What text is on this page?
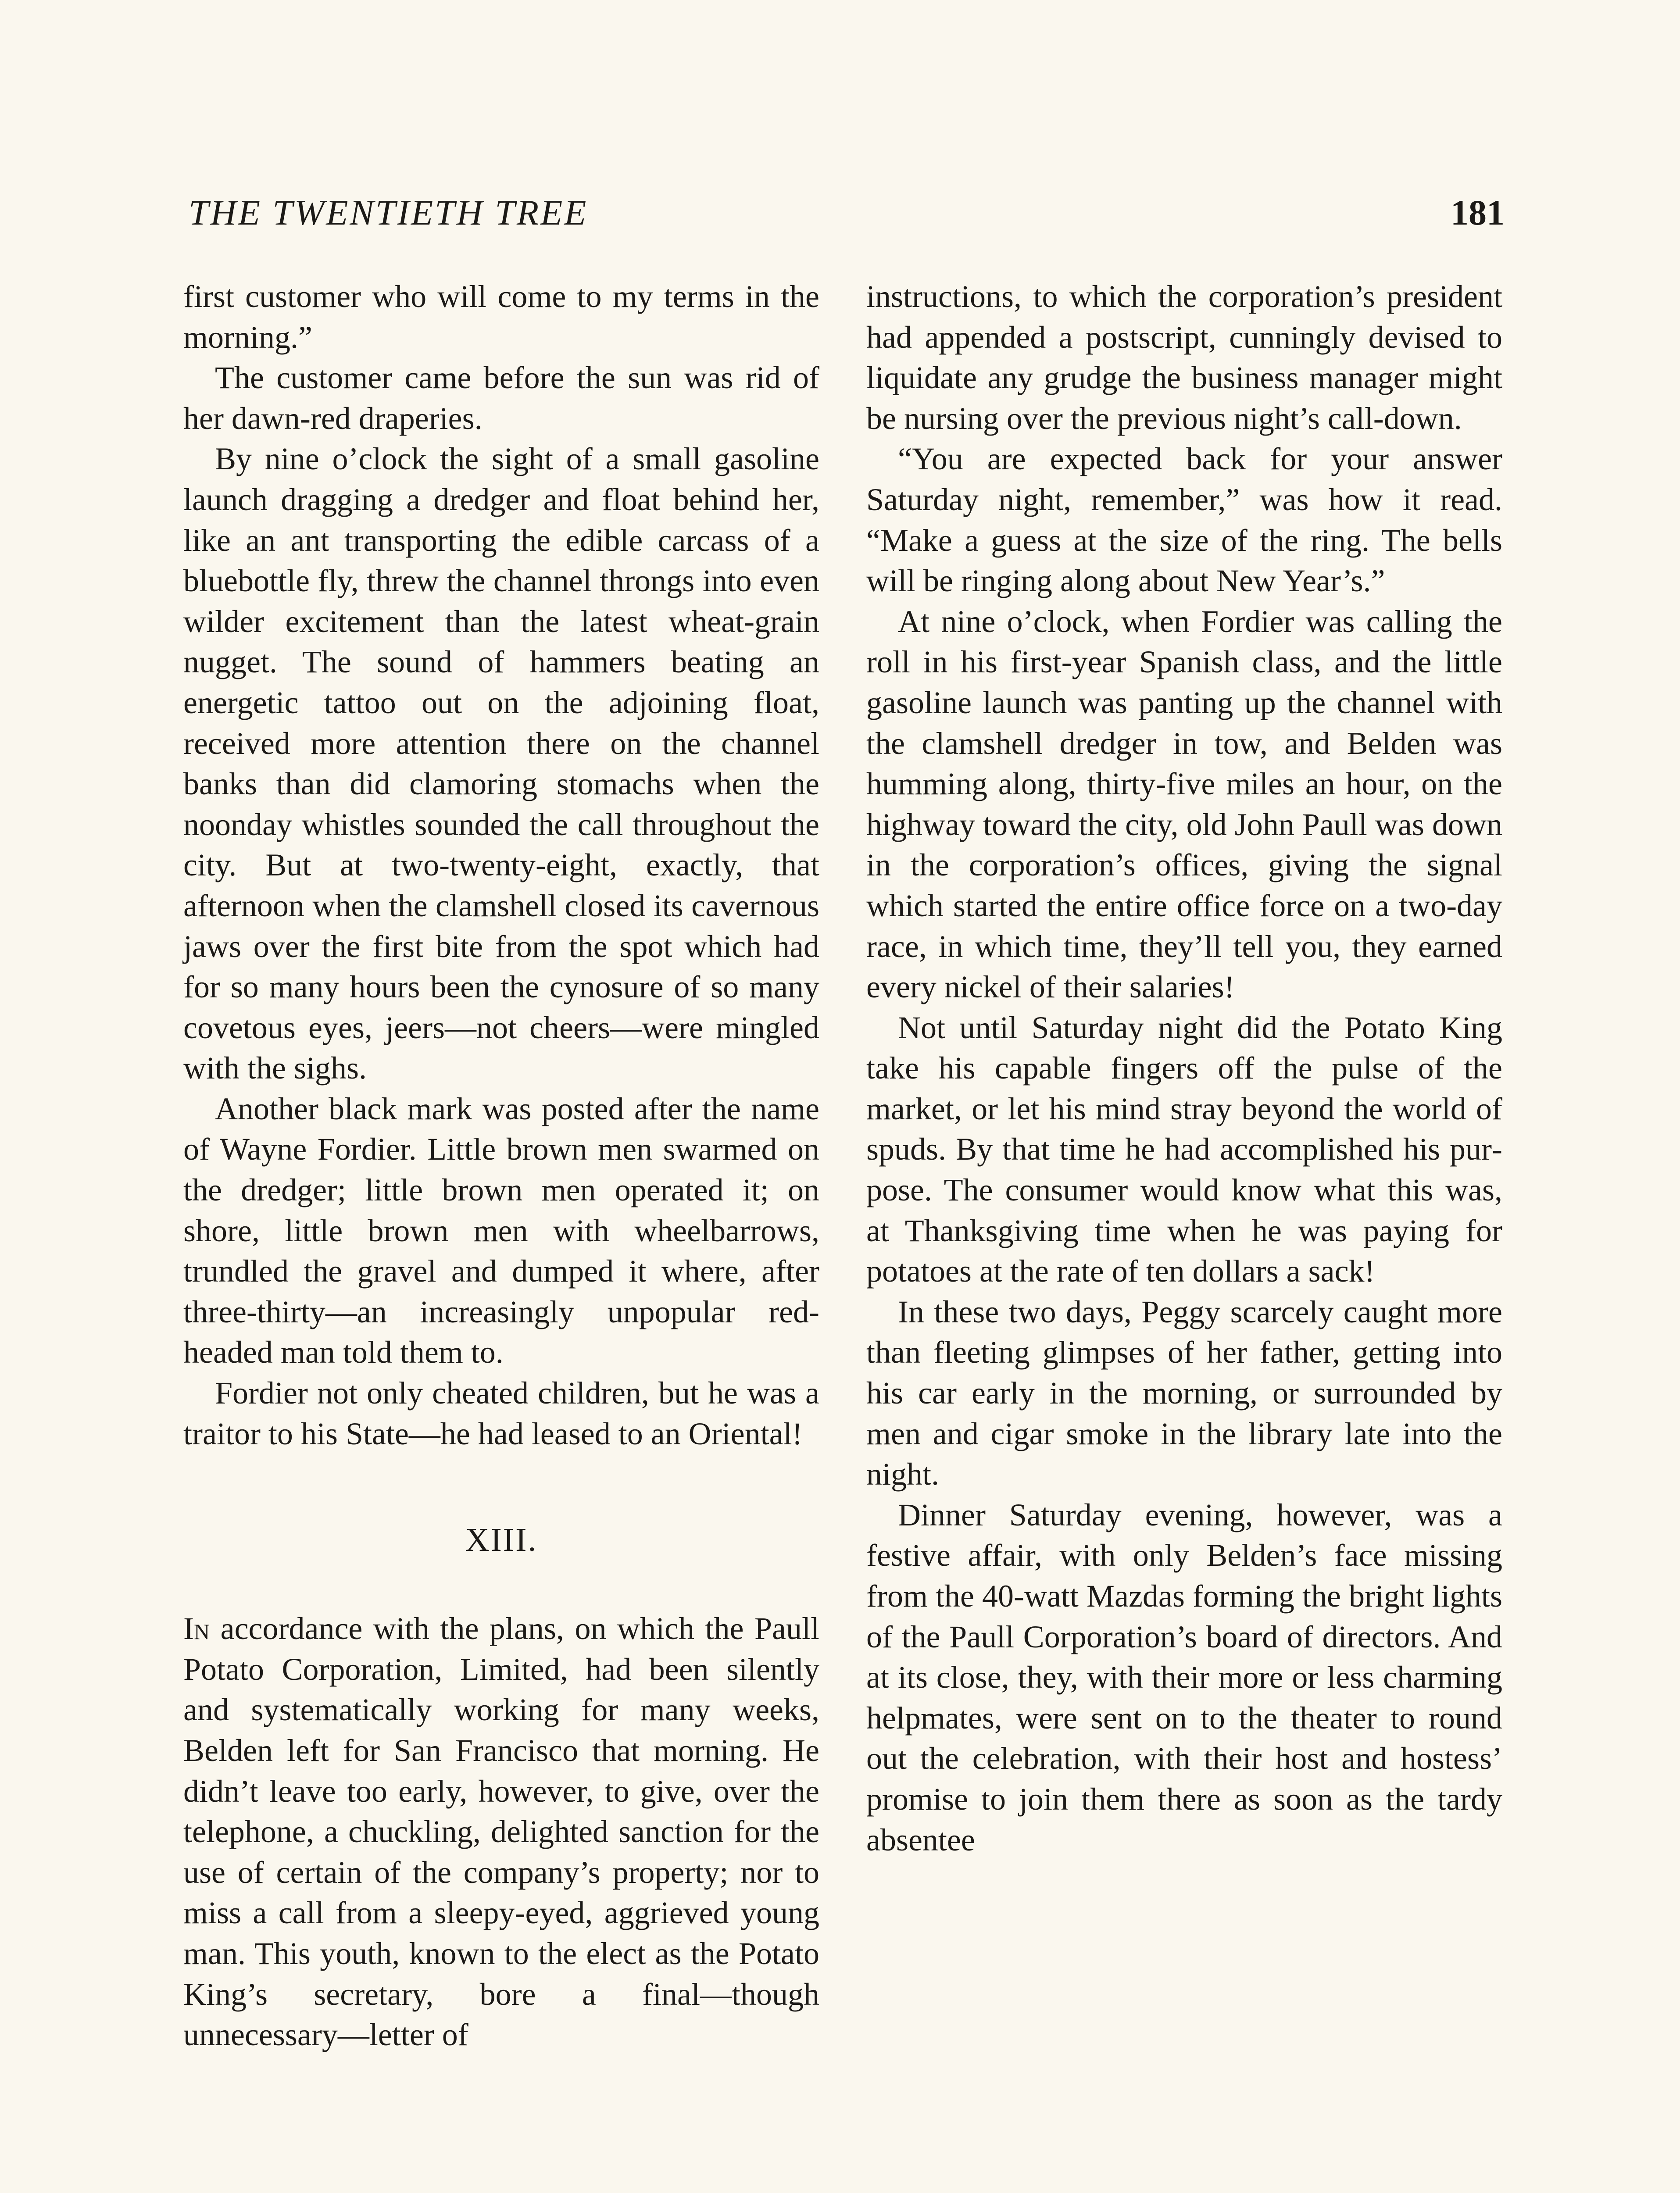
THE TWENTIETH TREE	181

first customer who will come to my terms in the morning.”

The customer came before the sun was rid of her dawn-red draperies.

By nine o’clock the sight of a small gasoline launch dragging a dredger and float behind her, like an ant transporting the edible carcass of a bluebottle fly, threw the channel throngs into even wilder excitement than the latest wheat-grain nugget. The sound of hammers beating an energetic tattoo out on the adjoining float, received more attention there on the channel banks than did clamoring stomachs when the noonday whistles sounded the call throughout the city. But at two-twenty-eight, exactly, that afternoon when the clamshell closed its cavernous jaws over the first bite from the spot which had for so many hours been the cynosure of so many covetous eyes, jeers—not cheers—were mingled with the sighs.

Another black mark was posted after the name of Wayne Fordier. Little brown men swarmed on the dredger; little brown men operated it; on shore, little brown men with wheelbarrows, trundled the gravel and dumped it where, after three-thirty—an increasingly unpopular red-headed man told them to.

Fordier not only cheated children, but he was a traitor to his State—he had leased to an Oriental!

XIII.

In accordance with the plans, on which the Paull Potato Corporation, Limited, had been silently and systematically working for many weeks, Belden left for San Francisco that morning. He didn’t leave too early, however, to give, over the telephone, a chuckling, delighted sanction for the use of certain of the company’s property; nor to miss a call from a sleepy-eyed, aggrieved young man. This youth, known to the elect as the Potato King’s secretary, bore a final—though unnecessary—letter of

instructions, to which the corporation’s president had appended a postscript, cunningly devised to liquidate any grudge the business manager might be nursing over the previous night’s call-down.

“You are expected back for your answer Saturday night, remember,” was how it read. “Make a guess at the size of the ring. The bells will be ringing along about New Year’s.”

At nine o’clock, when Fordier was calling the roll in his first-year Spanish class, and the little gasoline launch was panting up the channel with the clamshell dredger in tow, and Belden was humming along, thirty-five miles an hour, on the highway toward the city, old John Paull was down in the corporation’s offices, giving the signal which started the entire office force on a two-day race, in which time, they’ll tell you, they earned every nickel of their salaries!

Not until Saturday night did the Potato King take his capable fingers off the pulse of the market, or let his mind stray beyond the world of spuds. By that time he had accomplished his purpose. The consumer would know what this was, at Thanksgiving time when he was paying for potatoes at the rate of ten dollars a sack!

In these two days, Peggy scarcely caught more than fleeting glimpses of her father, getting into his car early in the morning, or surrounded by men and cigar smoke in the library late into the night.

Dinner Saturday evening, however, was a festive affair, with only Belden’s face missing from the 40-watt Mazdas forming the bright lights of the Paull Corporation’s board of directors. And at its close, they, with their more or less charming helpmates, were sent on to the theater to round out the celebration, with their host and hostess’ promise to join them there as soon as the tardy absentee
